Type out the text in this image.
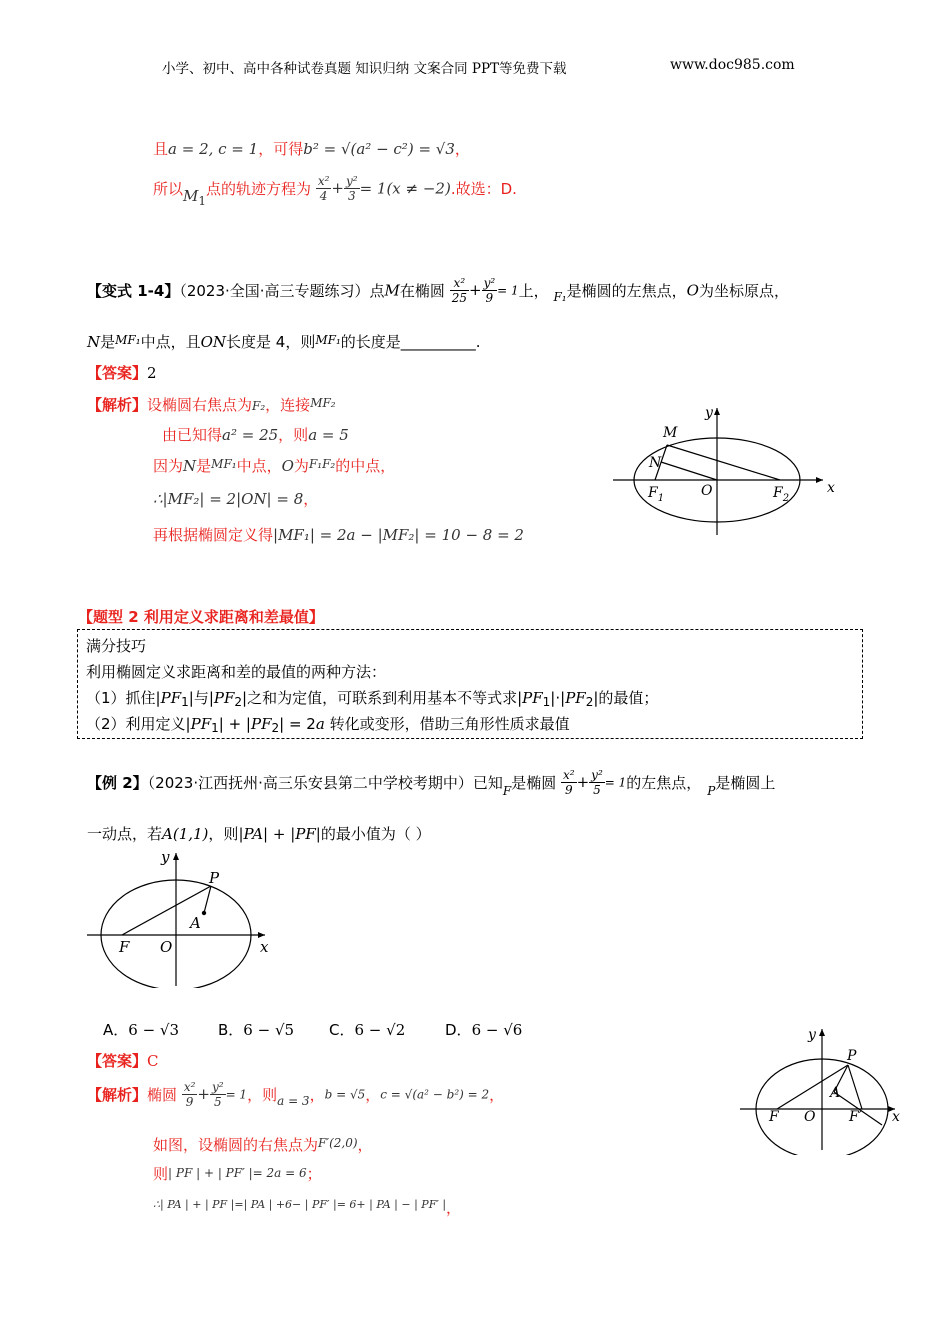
小学、初中、高中各种试卷真题 知识归纳 文案合同 PPT等免费下载	www.doc985.com
且a = 2, c = 1，可得b² = √(a² − c²) = √3，
所以$M_1$点的轨迹方程为 $\frac{\text{x²}}{4} + \frac{\text{y²}}{3} = 1(x \ne -2)$.故选：D.
【变式 1-4】（2023·全国·高三专题练习）点M在椭圆 $\frac{\text{x²}}{25} + \frac{\text{y²}}{9} = 1$上， $_{F_1}$是椭圆的左焦点，O为坐标原点，
N是$^{MF_1}$中点，且ON长度是 4，则$^{MF_1}$的长度是__________.
【答案】2
【解析】设椭圆右焦点为F₂，连接$^{MF_2}$
由已知得a² = 25，则a = 5
因为N是$^{MF_1}$中点，O为$^{F_1F_2}$的中点，
∴|MF₂| = 2|ON| = 8，
再根据椭圆定义得|MF₁| = 2a − |MF₂| = 10 − 8 = 2
y
x
M
N
$F_1$	O	$F_2$
【题型 2 利用定义求距离和差最值】
满分技巧
利用椭圆定义求距离和差的最值的两种方法：
（1）抓住$|PF_1|$与$|PF_2|$之和为定值，可联系到利用基本不等式求$|PF_1|\cdot|PF_2|$的最值；
（2）利用定义$|PF_1| + |PF_2| = 2a$ 转化或变形，借助三角形性质求最值
【例 2】（2023·江西抚州·高三乐安县第二中学校考期中）已知$_F$是椭圆 $\frac{\text{x²}}{9} + \frac{\text{y²}}{5} = 1$的左焦点， $_P$是椭圆上
一动点，若A(1,1)，则|PA| + |PF|的最小值为（ ）
y
x
P
A
F O
A．6 − √3	B．6 − √5 C．6 − √2	D．6 − √6
【答案】C
【解析】椭圆 $\frac{\text{x²}}{9} + \frac{\text{y²}}{5} = 1$，则$_{a = 3}$，b = √5，c = √(a² − b²) = 2，
如图，设椭圆的右焦点为$^{F'(2,0)}$，
则| PF | + | PF′ |= 2a = 6；
∴| PA | + | PF |=| PA | +6− | PF′ |= 6+ | PA | − | PF′ |，
y
x
P
A
F O F′
